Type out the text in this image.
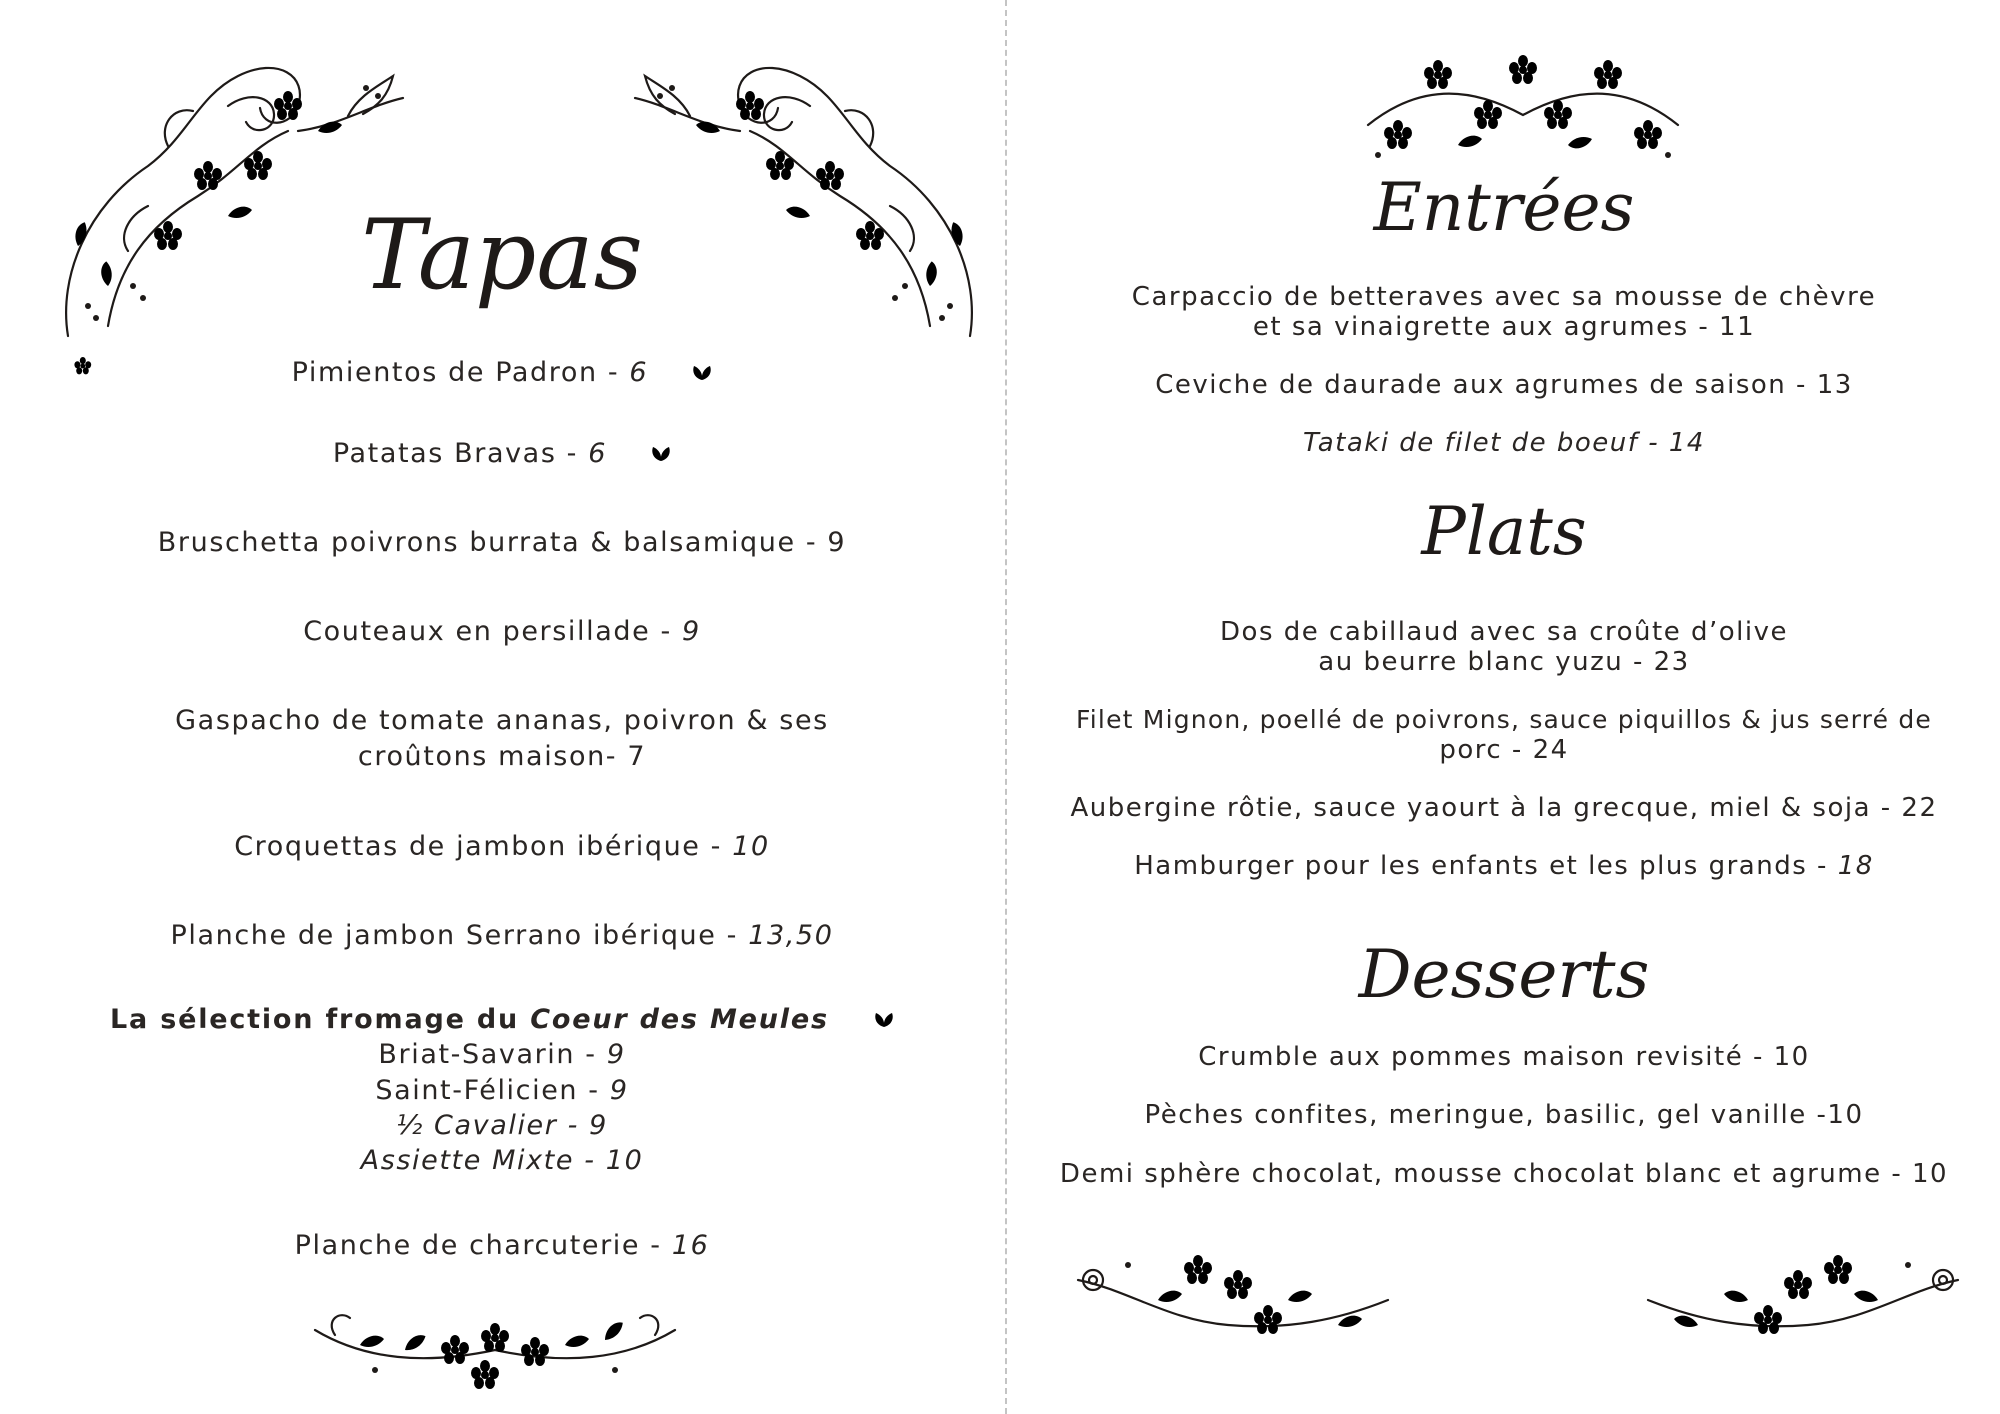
Tapas
Pimientos de Padron - 6
Patatas Bravas - 6
Bruschetta poivrons burrata & balsamique - 9
Couteaux en persillade - 9
Gaspacho de tomate ananas, poivron & ses
croûtons maison- 7
Croquettas de jambon ibérique - 10
Planche de jambon Serrano ibérique - 13,50
La sélection fromage du Coeur des Meules
Briat-Savarin - 9
Saint-Félicien - 9
½ Cavalier - 9
Assiette Mixte - 10
Planche de charcuterie - 16
Entrées
Carpaccio de betteraves avec sa mousse de chèvre
et sa vinaigrette aux agrumes - 11
Ceviche de daurade aux agrumes de saison - 13
Tataki de filet de boeuf - 14
Plats
Dos de cabillaud avec sa croûte d’olive
au beurre blanc yuzu - 23
Filet Mignon, poellé de poivrons, sauce piquillos & jus serré de
porc - 24
Aubergine rôtie, sauce yaourt à la grecque, miel & soja - 22
Hamburger pour les enfants et les plus grands - 18
Desserts
Crumble aux pommes maison revisité - 10
Pèches confites, meringue, basilic, gel vanille -10
Demi sphère chocolat, mousse chocolat blanc et agrume - 10
